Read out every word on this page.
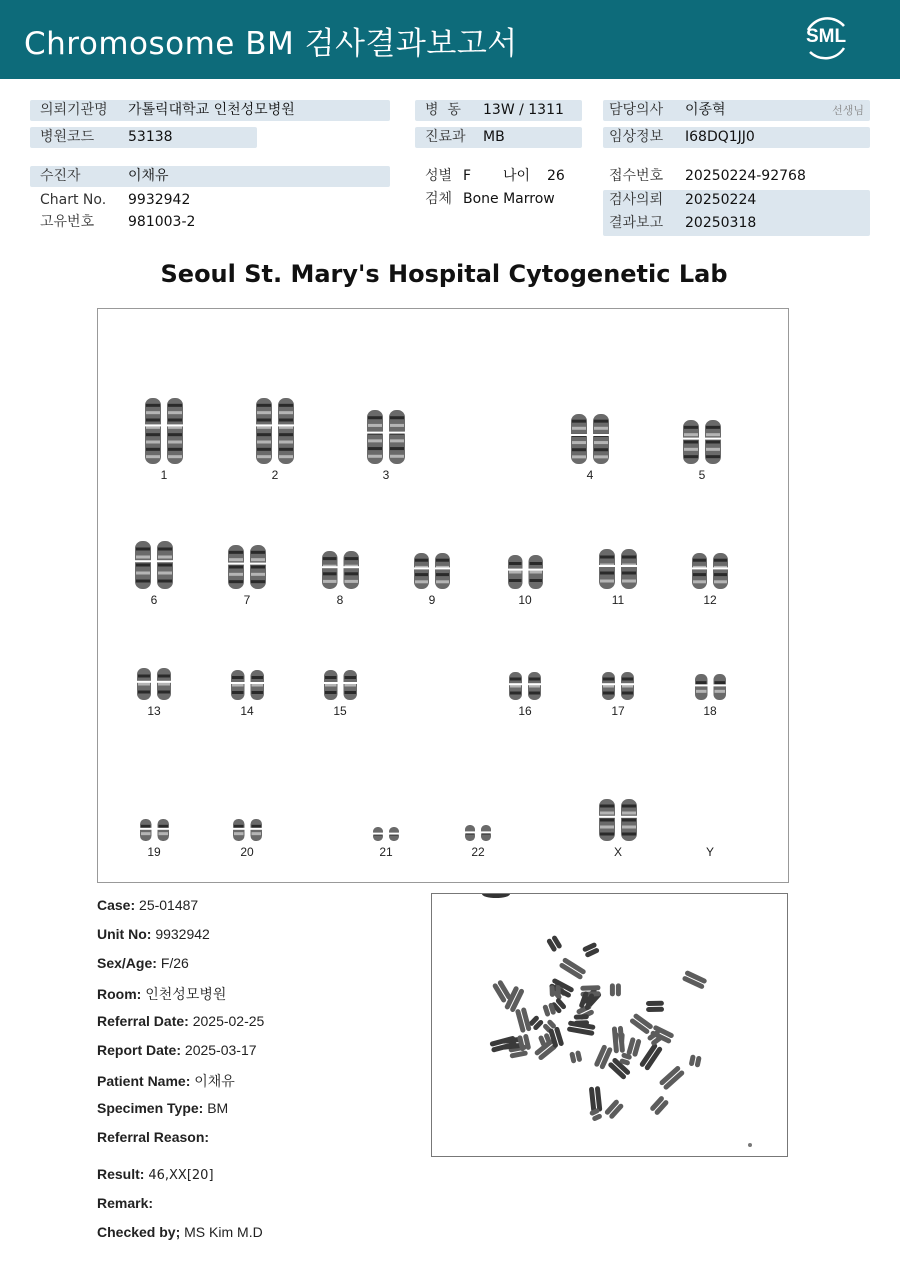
Chromosome BM 검사결과보고서	SML
의뢰기관명 가톨릭대학교 인천성모병원
병원코드 53138
수진자	이채유
Chart No. 9932942
고유번호 981003-2
병  동 13W / 1311
진료과 MB
성별 F 나이 26
검체 Bone Marrow
담당의사 이종혁	선생님
임상정보 I68DQ1JJ0
접수번호 20250224-92768
검사의뢰 20250224
결과보고 20250318
Seoul St. Mary's Hospital Cytogenetic Lab
1	2	3	4	5
6	7	8	9	10	11	12
13	14	15	16	17	18
19	20	21	22	X	Y
Case: 25-01487
Unit No: 9932942
Sex/Age: F/26
Room: 인천성모병원
Referral Date: 2025-02-25
Report Date: 2025-03-17
Patient Name: 이채유
Specimen Type: BM
Referral Reason:
Result: 46,XX[20]
Remark:
Checked by; MS Kim M.D
